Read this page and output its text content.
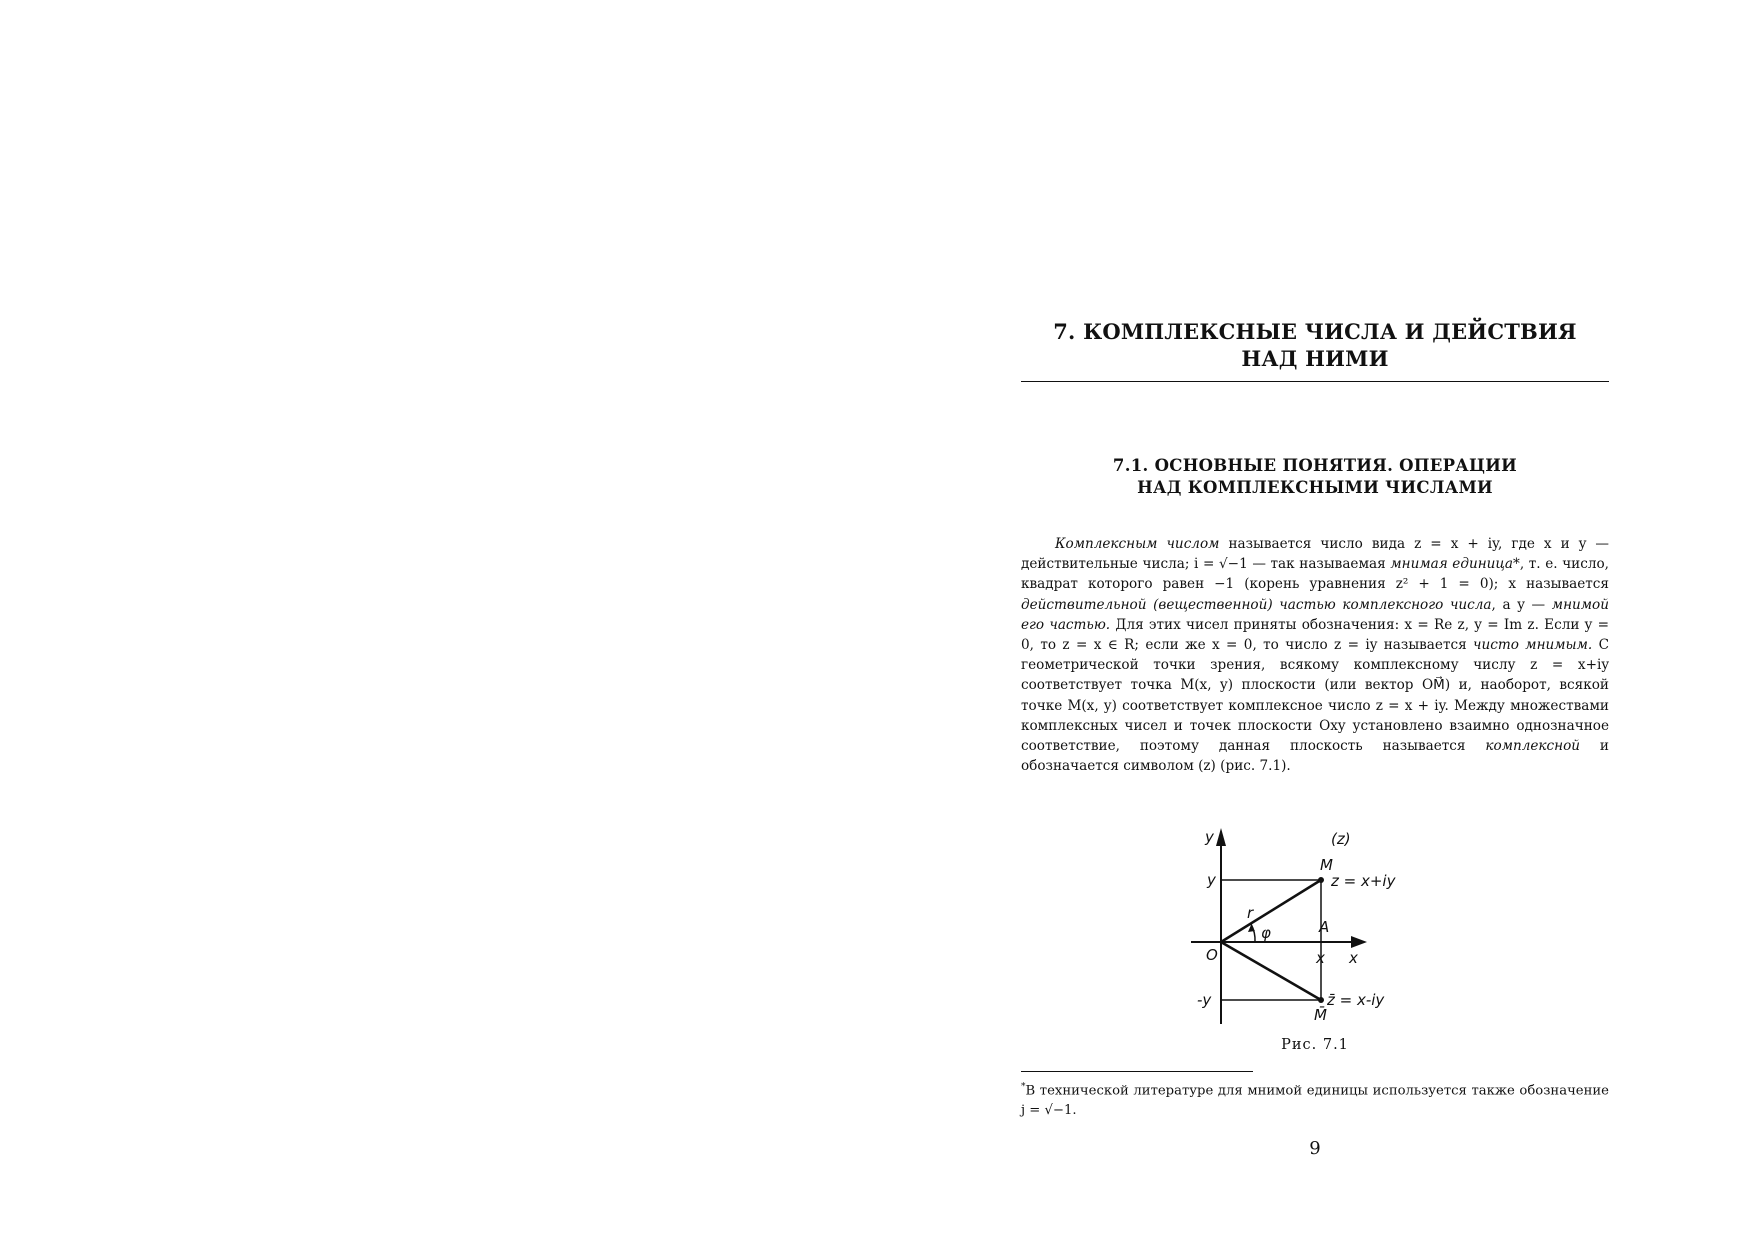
7. КОМПЛЕКСНЫЕ ЧИСЛА И ДЕЙСТВИЯ
НАД НИМИ
7.1. ОСНОВНЫЕ ПОНЯТИЯ. ОПЕРАЦИИ
НАД КОМПЛЕКСНЫМИ ЧИСЛАМИ

Комплексным числом называется число вида z = x + iy, где x и y — действительные числа; i = √−1 — так называемая мнимая единица*, т. е. число, квадрат которого равен −1 (корень уравнения z² + 1 = 0); x называется действительной (вещественной) частью комплексного числа, а y — мнимой его частью. Для этих чисел приняты обозначения: x = Re z, y = Im z. Если y = 0, то z = x ∈ R; если же x = 0, то число z = iy называется чисто мнимым. С геометрической точки зрения, всякому комплексному числу z = x+iy соответствует точка M(x, y) плоскости (или вектор OM⃗) и, наоборот, всякой точке M(x, y) соответствует комплексное число z = x + iy. Между множествами комплексных чисел и точек плоскости Oxy установлено взаимно однозначное соответствие, поэтому данная плоскость называется комплексной и обозначается символом (z) (рис. 7.1).

(z)
y
y
-y
O	x x
A
M
M̄
z = x+iy
z̄ = x-iy
r
φ
Рис. 7.1
*В технической литературе для мнимой единицы используется также обозначение j = √−1.
9
